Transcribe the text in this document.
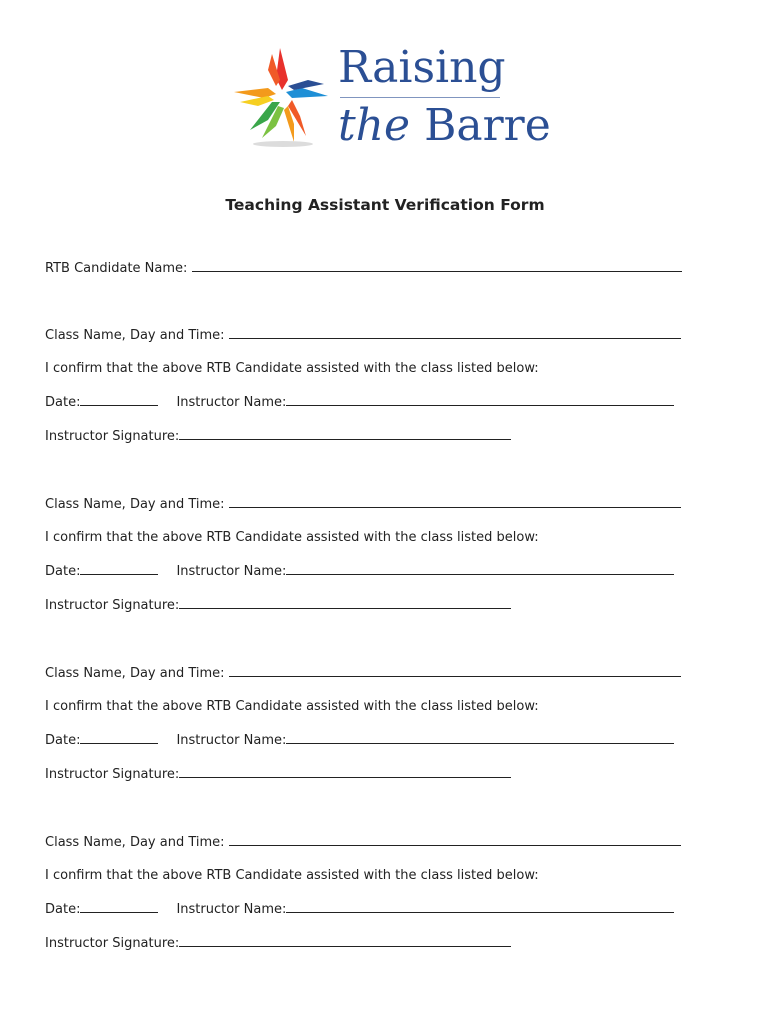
Raising
the Barre
Teaching Assistant Verification Form
RTB Candidate Name:
Class Name, Day and Time:
I confirm that the above RTB Candidate assisted with the class listed below:
Date:	Instructor Name:
Instructor Signature:
Class Name, Day and Time:
I confirm that the above RTB Candidate assisted with the class listed below:
Date:	Instructor Name:
Instructor Signature:
Class Name, Day and Time:
I confirm that the above RTB Candidate assisted with the class listed below:
Date:	Instructor Name:
Instructor Signature:
Class Name, Day and Time:
I confirm that the above RTB Candidate assisted with the class listed below:
Date:	Instructor Name:
Instructor Signature:
